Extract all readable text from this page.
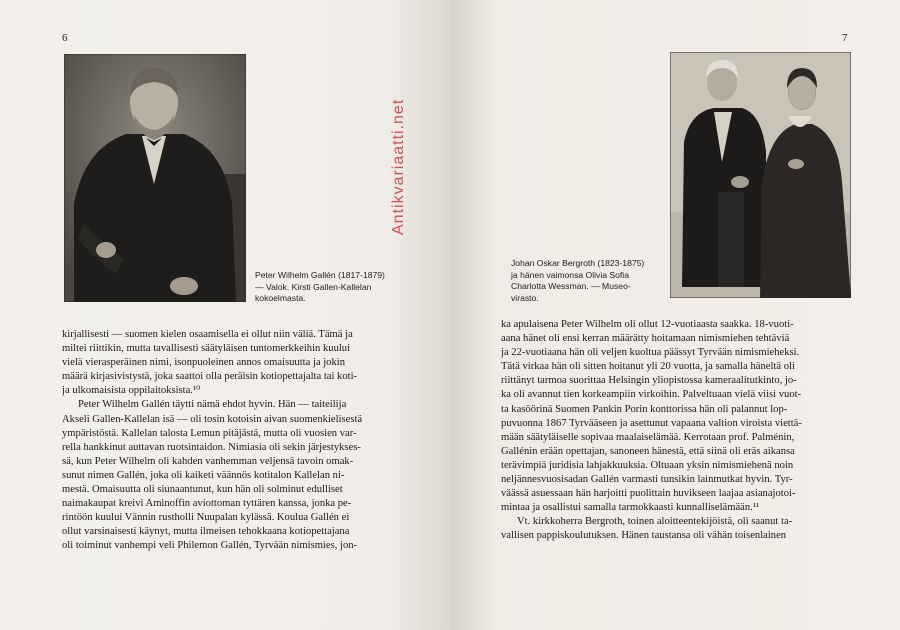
6
Peter Wilhelm Gallén (1817-1879)
— Valok. Kirsti Gallen-Kallelan
kokoelmasta.
kirjallisesti — suomen kielen osaamisella ei ollut niin väliä. Tämä ja
miltei riittikin, mutta tavallisesti säätyläisen tuntomerkkeihin kuului
vielä vierasperäinen nimi, isonpuoleinen annos omaisuutta ja jokin
määrä kirjasivistystä, joka saattoi olla peräisin kotiopettajalta tai koti-
ja ulkomaisista oppilaitoksista.¹⁰
Peter Wilhelm Gallén täytti nämä ehdot hyvin. Hän — taiteilija
Akseli Gallen-Kallelan isä — oli tosin kotoisin aivan suomenkielisestä
ympäristöstä. Kallelan talosta Lemun pitäjästä, mutta oli vuosien var-
rella hankkinut auttavan ruotsintaidon. Nimiasia oli sekin järjestykses-
sä, kun Peter Wilhelm oli kahden vanhemman veljensä tavoin omak-
sunut nimen Gallén, joka oli kaiketi väännös kotitalon Kallelan ni-
mestä. Omaisuutta oli siunaantunut, kun hän oli solminut edulliset
naimakaupat kreivi Aminoffin aviottoman tyttären kanssa, jonka pe-
rintöön kuului Vännin rustholli Nuupalan kylässä. Koulua Gallén ei
ollut varsinaisesti käynyt, mutta ilmeisen tehokkaana kotiopettajana
oli toiminut vanhempi veli Philemon Gallén, Tyrvään nimismies, jon-
7
Johan Oskar Bergroth (1823-1875)
ja hänen vaimonsa Olivia Sofia
Charlotta Wessman. — Museo-
virasto.
ka apulaisena Peter Wilhelm oli ollut 12-vuotiaasta saakka. 18-vuoti-
aana hänet oli ensi kerran määrätty hoitamaan nimismiehen tehtäviä
ja 22-vuotiaana hän oli veljen kuoltua päässyt Tyrvään nimismieheksi.
Tätä virkaa hän oli sitten hoitanut yli 20 vuotta, ja samalla häneltä oli
riittänyt tarmoa suorittaa Helsingin yliopistossa kameraalitutkinto, jo-
ka oli avannut tien korkeampiin virkoihin. Palveltuaan vielä viisi vuot-
ta kasöörinä Suomen Pankin Porin konttorissa hän oli palannut lop-
puvuonna 1867 Tyrvääseen ja asettunut vapaana valtion viroista viettä-
mään säätyläiselle sopivaa maalaiselämää. Kerrotaan prof. Palménin,
Gallénin erään opettajan, sanoneen hänestä, että siinä oli eräs aikansa
terävimpiä juridisia lahjakkuuksia. Oltuaan yksin nimismiehenä noin
neljännesvuosisadan Gallén varmasti tunsikin lainmutkat hyvin. Tyr-
väässä asuessaan hän harjoitti puolittain huvikseen laajaa asianajotoi-
mintaa ja osallistui samalla tarmokkaasti kunnalliselämään.¹¹
Vt. kirkkoherra Bergroth, toinen aloitteentekijöistä, oli saanut ta-
vallisen pappiskoulutuksen. Hänen taustansa oli vähän toisenlainen
Antikvariaatti.net
